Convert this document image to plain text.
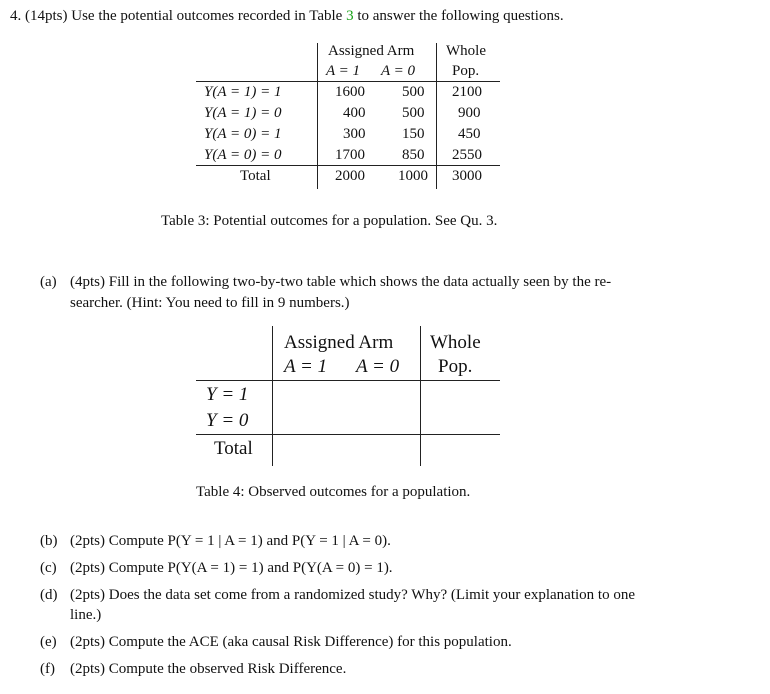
4. (14pts) Use the potential outcomes recorded in Table 3 to answer the following questions.
Assigned Arm Whole
A = 1 A = 0 Pop.
Y(A = 1) = 1	1600 500 2100
Y(A = 1) = 0	400 500 900
Y(A = 0) = 1	300 150 450
Y(A = 0) = 0	1700 850 2550
Total	2000 1000 3000
Table 3: Potential outcomes for a population. See Qu. 3.
(a) (4pts) Fill in the following two-by-two table which shows the data actually seen by the re-
searcher. (Hint: You need to fill in 9 numbers.)
Assigned Arm Whole
A = 1 A = 0 Pop.
Y = 1
Y = 0
Total
Table 4: Observed outcomes for a population.
(b) (2pts) Compute P(Y = 1 | A = 1) and P(Y = 1 | A = 0).
(c) (2pts) Compute P(Y(A = 1) = 1) and P(Y(A = 0) = 1).
(d) (2pts) Does the data set come from a randomized study? Why? (Limit your explanation to one
line.)
(e) (2pts) Compute the ACE (aka causal Risk Difference) for this population.
(f) (2pts) Compute the observed Risk Difference.
